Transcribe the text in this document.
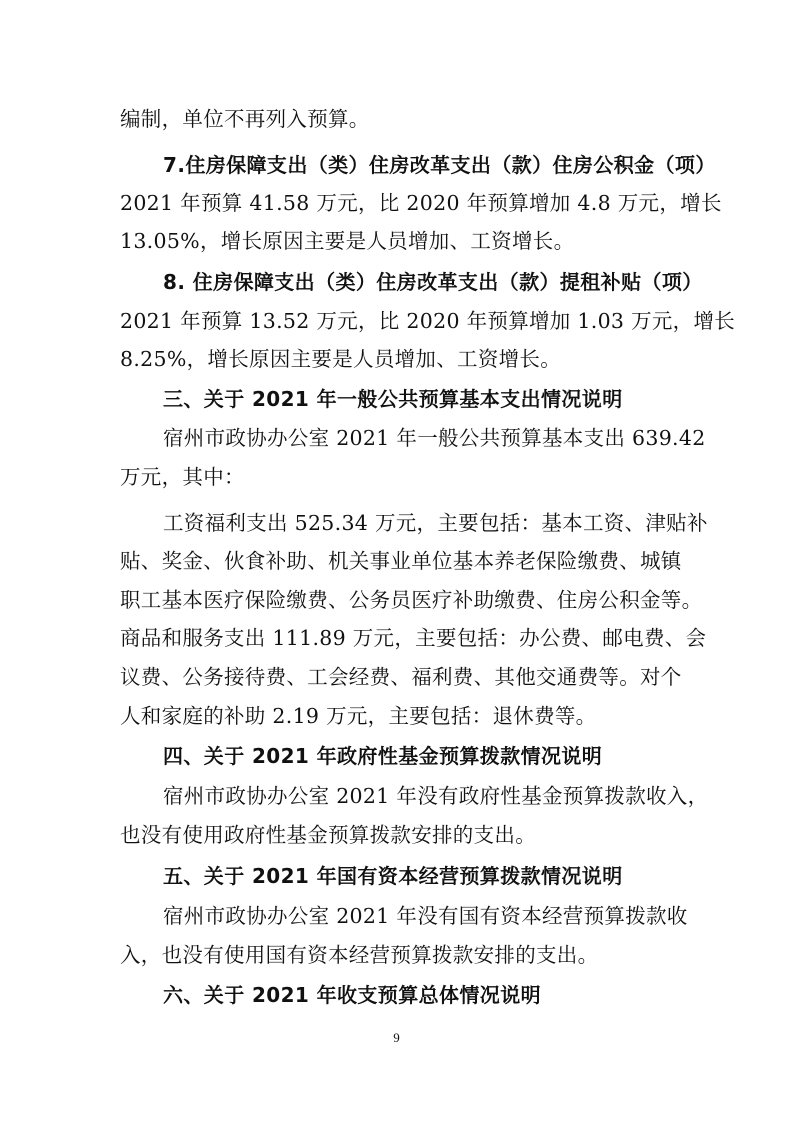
编制，单位不再列入预算。
7.住房保障支出（类）住房改革支出（款）住房公积金（项）
2021 年预算 41.58 万元，比 2020 年预算增加 4.8 万元，增长
13.05%，增长原因主要是人员增加、工资增长。
8. 住房保障支出（类）住房改革支出（款）提租补贴（项）
2021 年预算 13.52 万元，比 2020 年预算增加 1.03 万元，增长
8.25%，增长原因主要是人员增加、工资增长。
三、关于 2021 年一般公共预算基本支出情况说明
宿州市政协办公室 2021 年一般公共预算基本支出 639.42
万元，其中：
工资福利支出 525.34 万元，主要包括：基本工资、津贴补
贴、奖金、伙食补助、机关事业单位基本养老保险缴费、城镇
职工基本医疗保险缴费、公务员医疗补助缴费、住房公积金等。
商品和服务支出 111.89 万元，主要包括：办公费、邮电费、会
议费、公务接待费、工会经费、福利费、其他交通费等。对个
人和家庭的补助 2.19 万元，主要包括：退休费等。
四、关于 2021 年政府性基金预算拨款情况说明
宿州市政协办公室 2021 年没有政府性基金预算拨款收入，
也没有使用政府性基金预算拨款安排的支出。
五、关于 2021 年国有资本经营预算拨款情况说明
宿州市政协办公室 2021 年没有国有资本经营预算拨款收
入，也没有使用国有资本经营预算拨款安排的支出。
六、关于 2021 年收支预算总体情况说明
9
